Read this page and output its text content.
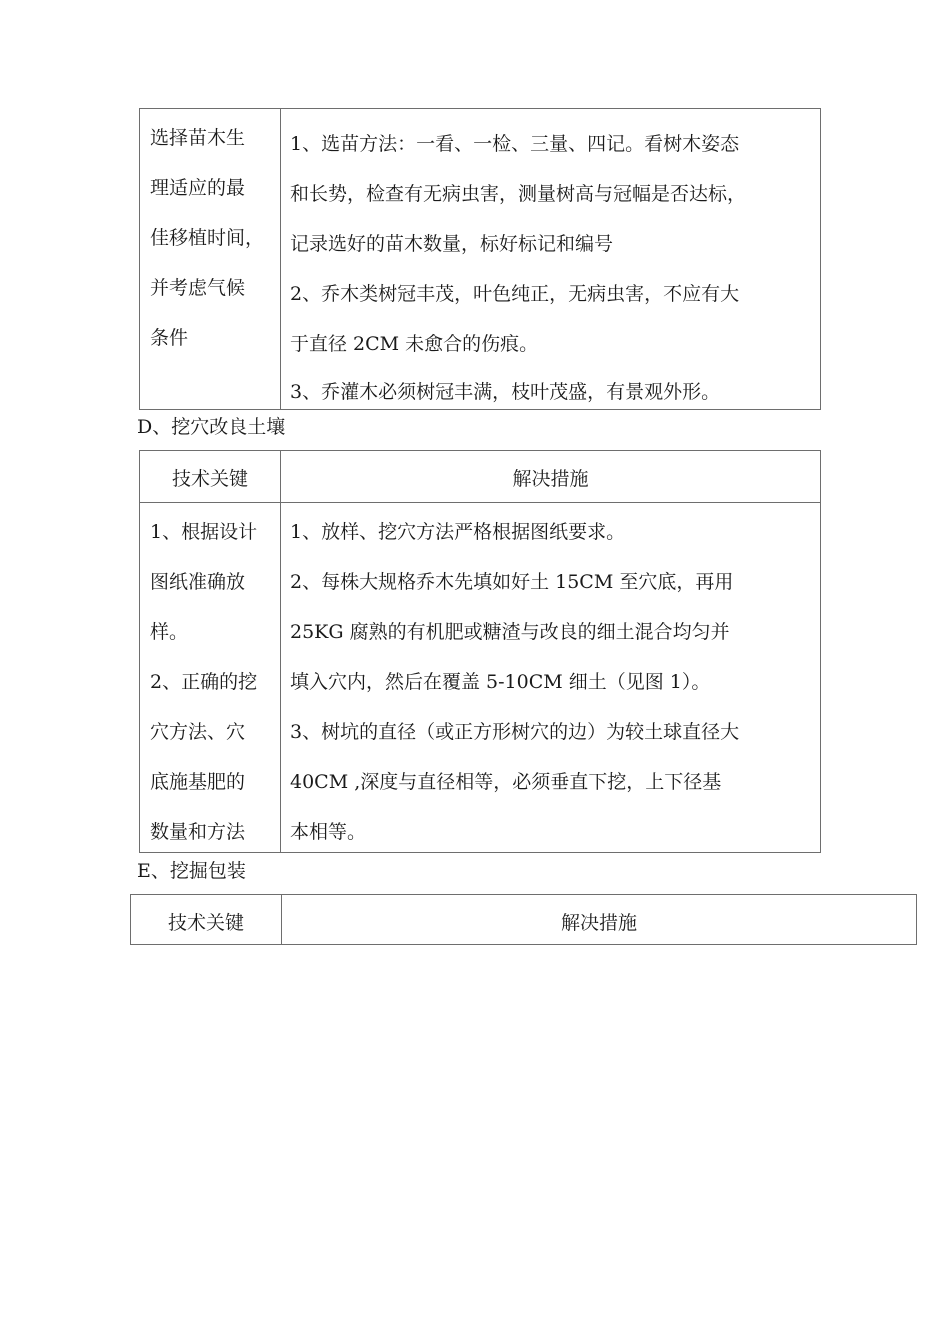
选择苗木生
理适应的最
佳移植时间，
并考虑气候
条件
1、选苗方法：一看、一检、三量、四记。看树木姿态
和长势，检查有无病虫害，测量树高与冠幅是否达标，
记录选好的苗木数量，标好标记和编号
2、乔木类树冠丰茂，叶色纯正，无病虫害，不应有大
于直径 2CM 未愈合的伤痕。
3、乔灌木必须树冠丰满，枝叶茂盛，有景观外形。
D、挖穴改良土壤
技术关键	解决措施
1、根据设计
图纸准确放
样。
2、正确的挖
穴方法、穴
底施基肥的
数量和方法
1、放样、挖穴方法严格根据图纸要求。
2、每株大规格乔木先填如好土 15CM 至穴底，再用
25KG 腐熟的有机肥或糖渣与改良的细土混合均匀并
填入穴内，然后在覆盖 5-10CM 细土（见图 1）。
3、树坑的直径（或正方形树穴的边）为较土球直径大
40CM ,深度与直径相等，必须垂直下挖，上下径基
本相等。
E、挖掘包装
技术关键	解决措施
